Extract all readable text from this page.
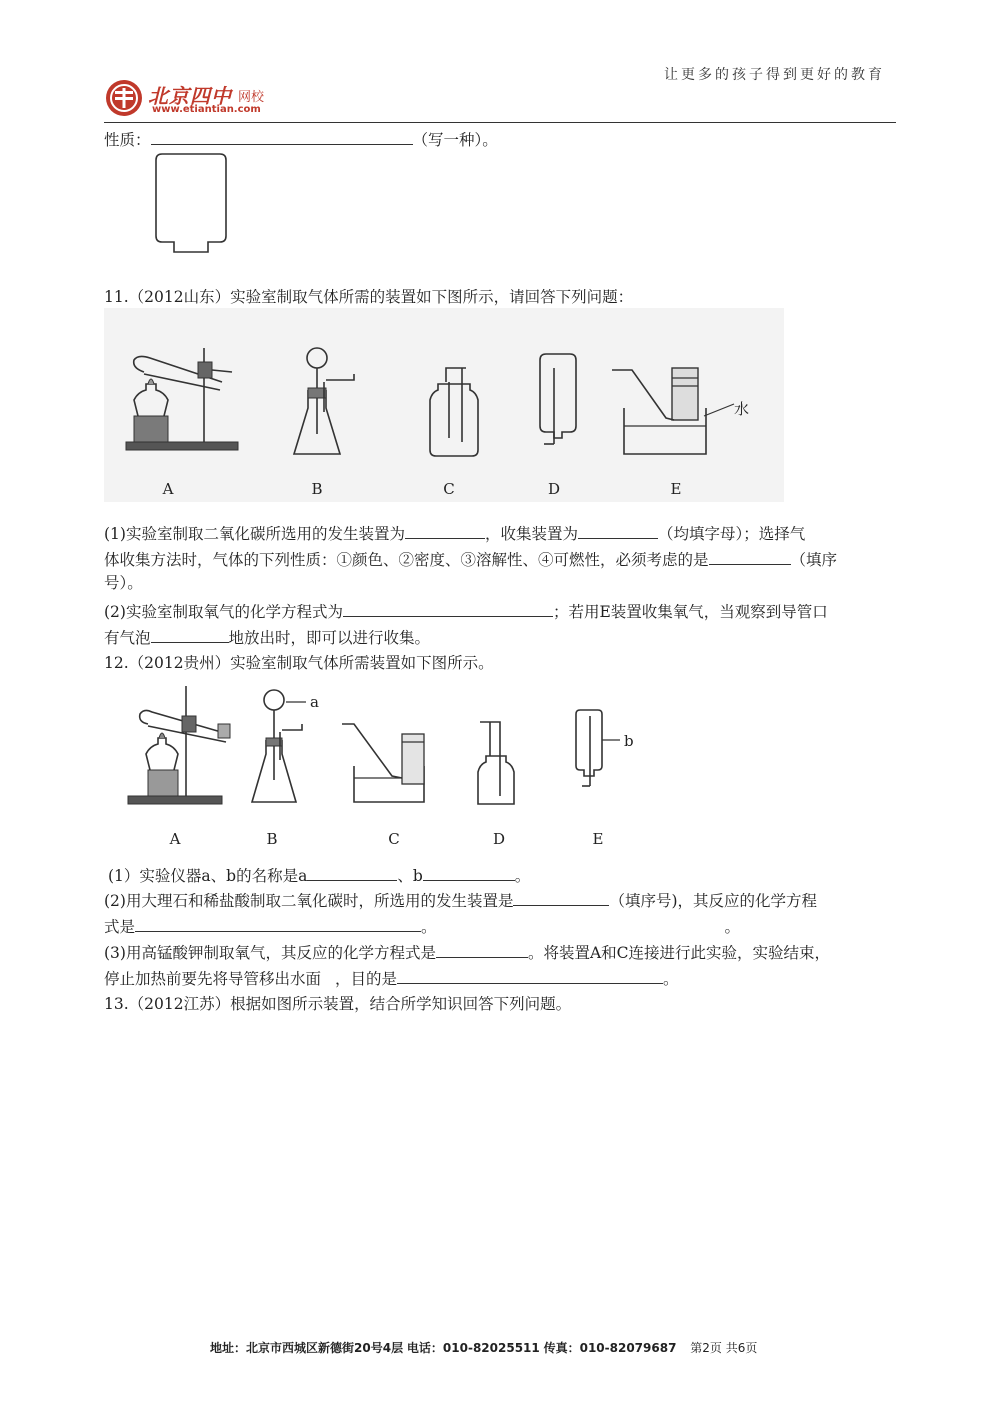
北京四中 网校
www.etiantian.com
让更多的孩子得到更好的教育
性质：	（写一种）。
11.（2012山东）实验室制取气体所需的装置如下图所示，请回答下列问题：
水
A	B	C	D	E
(1)实验室制取二氧化碳所选用的发生装置为	，收集装置为	（均填字母）；选择气
体收集方法时，气体的下列性质：①颜色、②密度、③溶解性、④可燃性，必须考虑的是	（填序
号）。
(2)实验室制取氧气的化学方程式为	；若用E装置收集氧气，当观察到导管口
有气泡	地放出时，即可以进行收集。
12.（2012贵州）实验室制取气体所需装置如下图所示。
a
b
A	B	C	D	E
(1）实验仪器a、b的名称是a	、b	。
(2)用大理石和稀盐酸制取二氧化碳时，所选用的发生装置是	（填序号)，其反应的化学方程
式是	。	。
(3)用高锰酸钾制取氧气，其反应的化学方程式是	。将装置A和C连接进行此实验，实验结束，
停止加热前要先将导管移出水面 ，目的是	。
13.（2012江苏）根据如图所示装置，结合所学知识回答下列问题。
地址：北京市西城区新德街20号4层 电话：010-82025511 传真：010-82079687 第2页 共6页
